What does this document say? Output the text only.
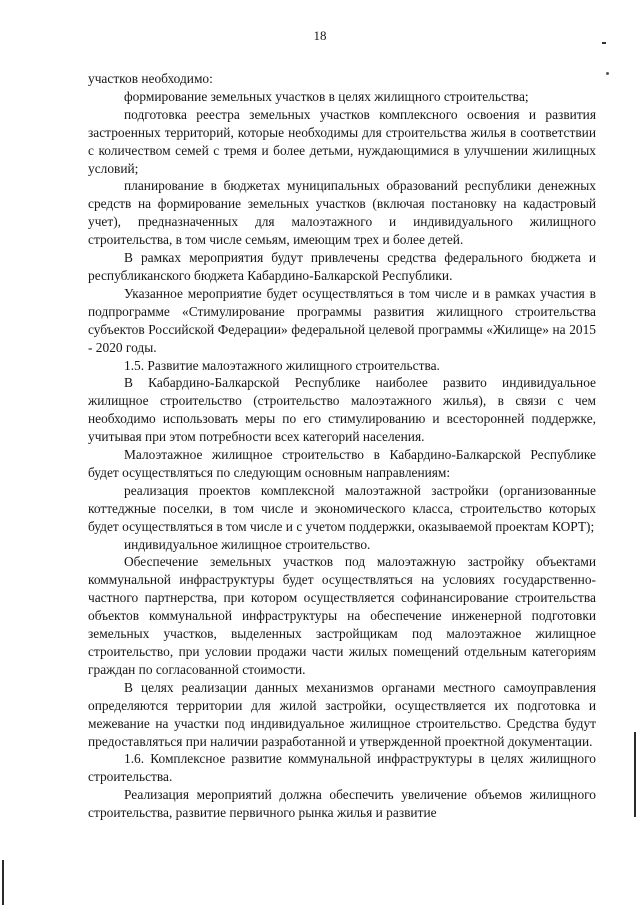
18

участков необходимо:

формирование земельных участков в целях жилищного строительства;

подготовка реестра земельных участков комплексного освоения и развития застроенных территорий, которые необходимы для строительства жилья в соответствии с количеством семей с тремя и более детьми, нуждающимися в улучшении жилищных условий;

планирование в бюджетах муниципальных образований республики денежных средств на формирование земельных участков (включая постановку на кадастровый учет), предназначенных для малоэтажного и индивидуального жилищного строительства, в том числе семьям, имеющим трех и более детей.

В рамках мероприятия будут привлечены средства федерального бюджета и республиканского бюджета Кабардино-Балкарской Республики.

Указанное мероприятие будет осуществляться в том числе и в рамках участия в подпрограмме «Стимулирование программы развития жилищного строительства субъектов Российской Федерации» федеральной целевой программы «Жилище» на 2015 - 2020 годы.

1.5. Развитие малоэтажного жилищного строительства.

В Кабардино-Балкарской Республике наиболее развито индивидуальное жилищное строительство (строительство малоэтажного жилья), в связи с чем необходимо использовать меры по его стимулированию и всесторонней поддержке, учитывая при этом потребности всех категорий населения.

Малоэтажное жилищное строительство в Кабардино-Балкарской Республике будет осуществляться по следующим основным направлениям:

реализация проектов комплексной малоэтажной застройки (организованные коттеджные поселки, в том числе и экономического класса, строительство которых будет осуществляться в том числе и с учетом поддержки, оказываемой проектам КОРТ);

индивидуальное жилищное строительство.

Обеспечение земельных участков под малоэтажную застройку объектами коммунальной инфраструктуры будет осуществляться на условиях государственно-частного партнерства, при котором осуществляется софинансирование строительства объектов коммунальной инфраструктуры на обеспечение инженерной подготовки земельных участков, выделенных застройщикам под малоэтажное жилищное строительство, при условии продажи части жилых помещений отдельным категориям граждан по согласованной стоимости.

В целях реализации данных механизмов органами местного самоуправления определяются территории для жилой застройки, осуществляется их подготовка и межевание на участки под индивидуальное жилищное строительство. Средства будут предоставляться при наличии разработанной и утвержденной проектной документации.

1.6. Комплексное развитие коммунальной инфраструктуры в целях жилищного строительства.

Реализация мероприятий должна обеспечить увеличение объемов жилищного строительства, развитие первичного рынка жилья и развитие
